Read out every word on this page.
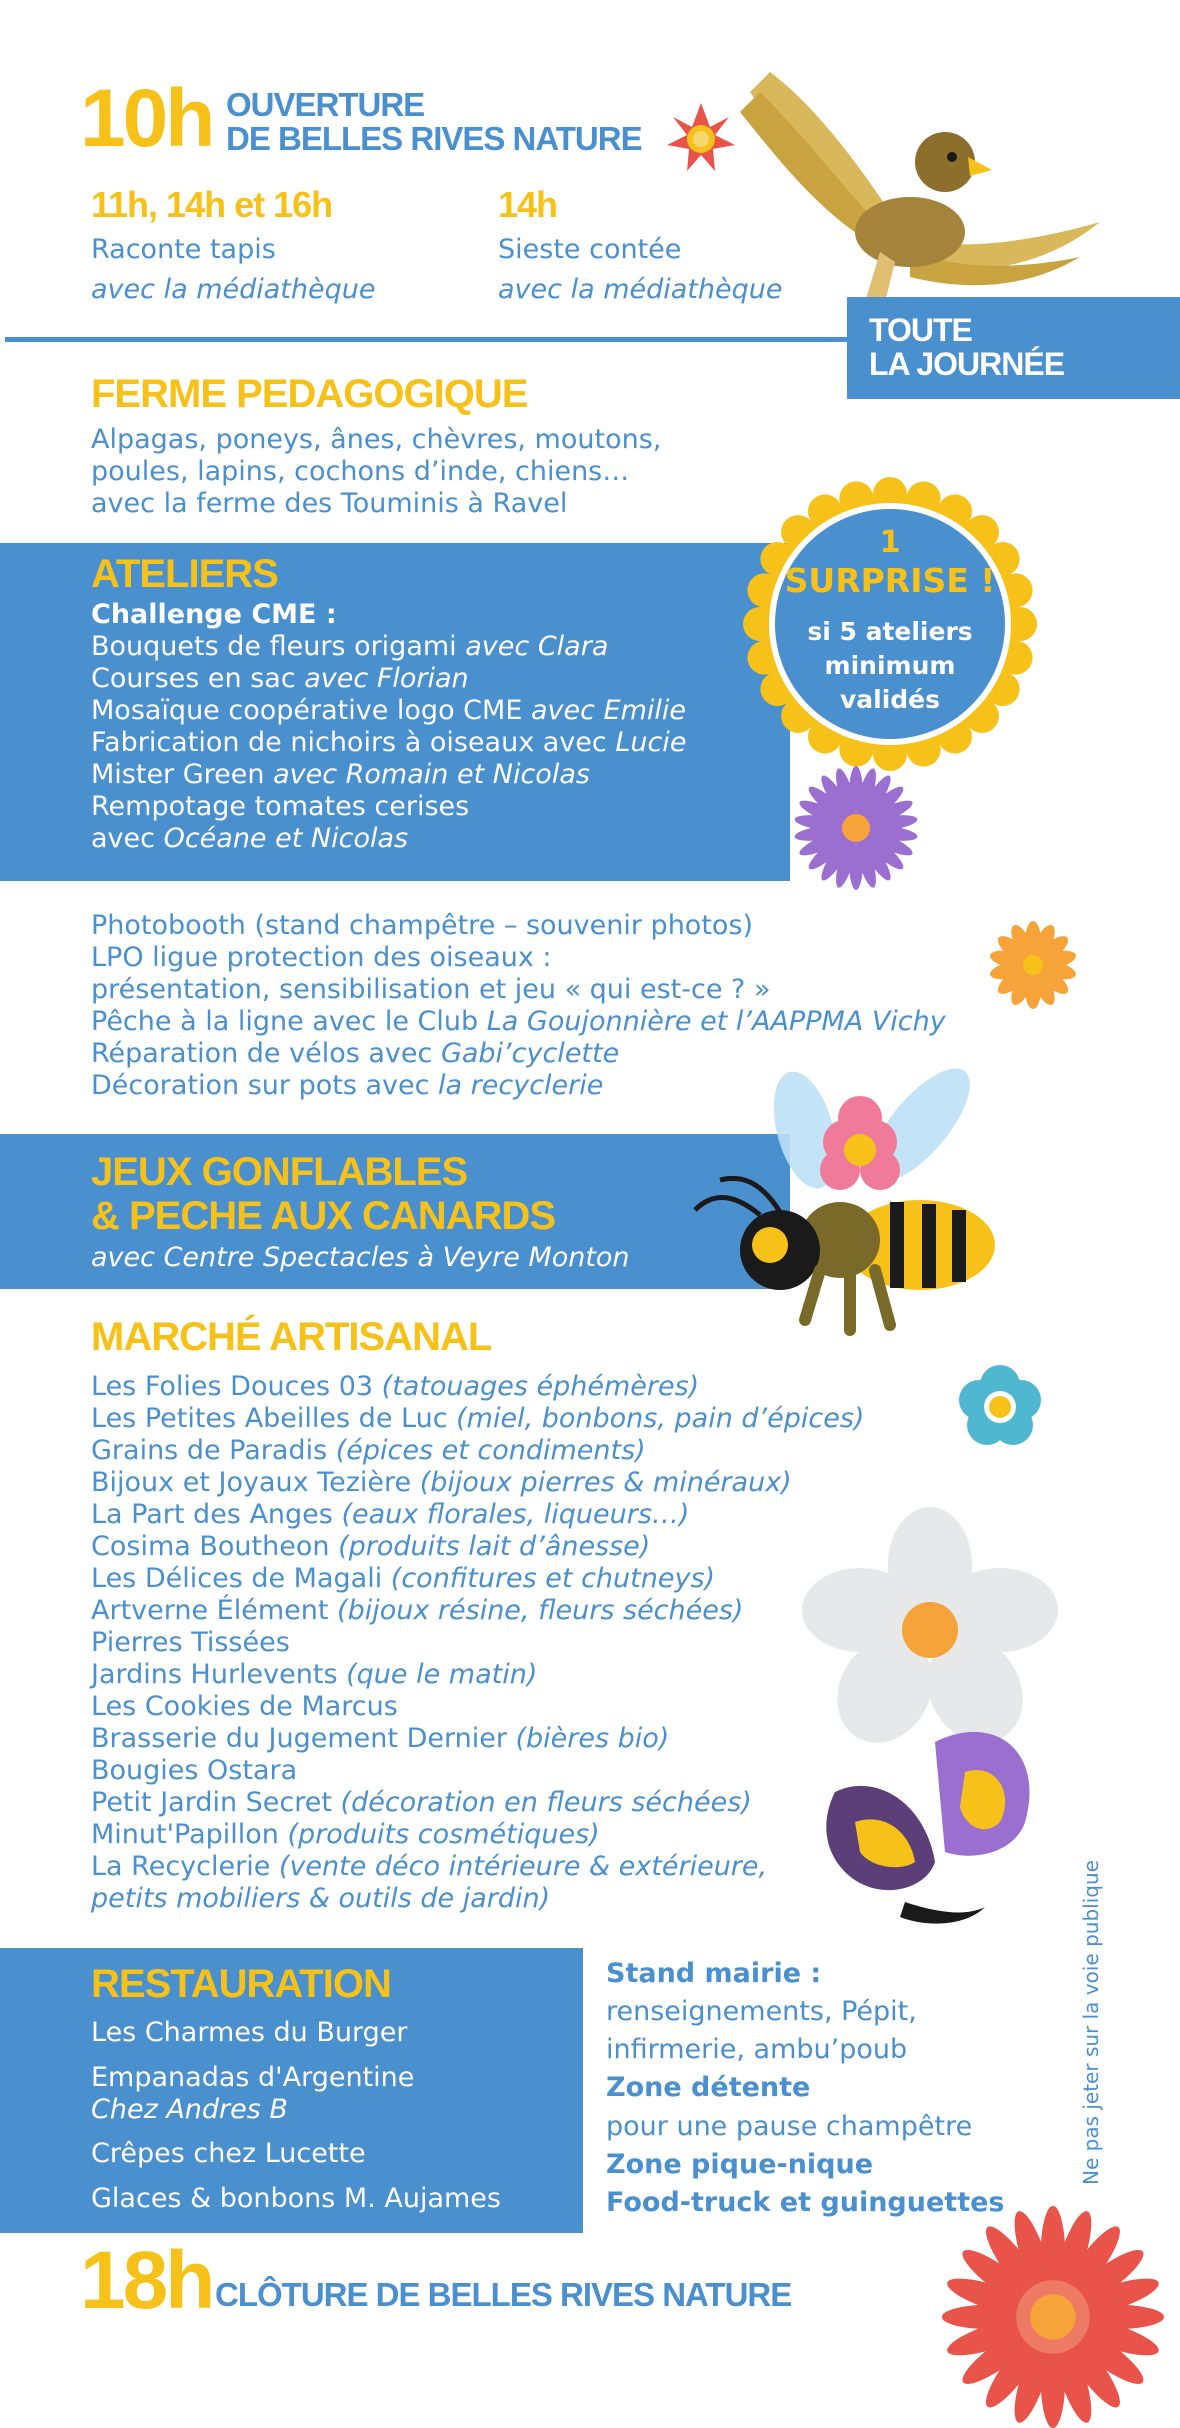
10h OUVERTURE
DE BELLES RIVES NATURE
11h, 14h et 16h
Raconte tapis
avec la médiathèque
14h
Sieste contée
avec la médiathèque
TOUTE
LA JOURNÉE
FERME PEDAGOGIQUE
Alpagas, poneys, ânes, chèvres, moutons,
poules, lapins, cochons d’inde, chiens…
avec la ferme des Touminis à Ravel
ATELIERS
Challenge CME :
Bouquets de fleurs origami avec Clara
Courses en sac avec Florian
Mosaïque coopérative logo CME avec Emilie
Fabrication de nichoirs à oiseaux avec Lucie
Mister Green avec Romain et Nicolas
Rempotage tomates cerises
avec Océane et Nicolas
1
SURPRISE !
si 5 ateliers
minimum
validés
Photobooth (stand champêtre – souvenir photos)
LPO ligue protection des oiseaux :
présentation, sensibilisation et jeu « qui est-ce ? »
Pêche à la ligne avec le Club La Goujonnière et l’AAPPMA Vichy
Réparation de vélos avec Gabi’cyclette
Décoration sur pots avec la recyclerie
JEUX GONFLABLES
& PECHE AUX CANARDS
avec Centre Spectacles à Veyre Monton
MARCHÉ ARTISANAL
Les Folies Douces 03 (tatouages éphémères)
Les Petites Abeilles de Luc (miel, bonbons, pain d’épices)
Grains de Paradis (épices et condiments)
Bijoux et Joyaux Tezière (bijoux pierres & minéraux)
La Part des Anges (eaux florales, liqueurs…)
Cosima Boutheon (produits lait d’ânesse)
Les Délices de Magali (confitures et chutneys)
Artverne Élément (bijoux résine, fleurs séchées)
Pierres Tissées
Jardins Hurlevents (que le matin)
Les Cookies de Marcus
Brasserie du Jugement Dernier (bières bio)
Bougies Ostara
Petit Jardin Secret (décoration en fleurs séchées)
Minut'Papillon (produits cosmétiques)
La Recyclerie (vente déco intérieure & extérieure,
petits mobiliers & outils de jardin)	Ne pas jeter sur la voie publique
RESTAURATION
Les Charmes du Burger
Empanadas d'Argentine
Chez Andres B
Crêpes chez Lucette
Glaces & bonbons M. Aujames
Stand mairie :
renseignements, Pépit,
infirmerie, ambu’poub
Zone détente
pour une pause champêtre
Zone pique-nique
Food-truck et guinguettes
18h CLÔTURE DE BELLES RIVES NATURE
